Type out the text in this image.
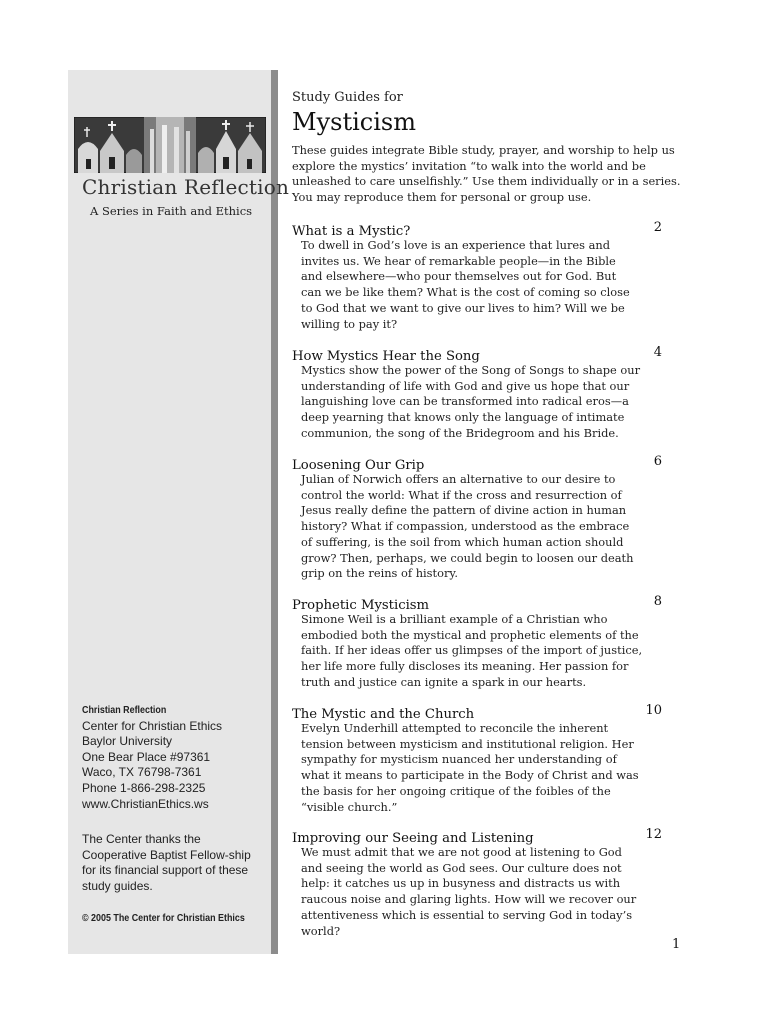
Christian Reflection
A Series in Faith and Ethics
Christian Reflection
Center for Christian Ethics
Baylor University
One Bear Place #97361
Waco, TX 76798-7361
Phone 1-866-298-2325
www.ChristianEthics.ws
The Center thanks the Cooperative Baptist Fellow-ship for its financial support of these study guides.
© 2005 The Center for Christian Ethics
Study Guides for
Mysticism
These guides integrate Bible study, prayer, and worship to help us explore the mystics’ invitation “to walk into the world and be unleashed to care unselfishly.” Use them individually or in a series. You may reproduce them for personal or group use.
What is a Mystic?	2
To dwell in God’s love is an experience that lures and
invites us. We hear of remarkable people—in the Bible
and elsewhere—who pour themselves out for God. But
can we be like them? What is the cost of coming so close
to God that we want to give our lives to him? Will we be
willing to pay it?
How Mystics Hear the Song	4
Mystics show the power of the Song of Songs to shape our
understanding of life with God and give us hope that our
languishing love can be transformed into radical eros—a
deep yearning that knows only the language of intimate
communion, the song of the Bridegroom and his Bride.
Loosening Our Grip	6
Julian of Norwich offers an alternative to our desire to
control the world: What if the cross and resurrection of
Jesus really define the pattern of divine action in human
history? What if compassion, understood as the embrace
of suffering, is the soil from which human action should
grow? Then, perhaps, we could begin to loosen our death
grip on the reins of history.
Prophetic Mysticism	8
Simone Weil is a brilliant example of a Christian who
embodied both the mystical and prophetic elements of the
faith. If her ideas offer us glimpses of the import of justice,
her life more fully discloses its meaning. Her passion for
truth and justice can ignite a spark in our hearts.
The Mystic and the Church	10
Evelyn Underhill attempted to reconcile the inherent
tension between mysticism and institutional religion. Her
sympathy for mysticism nuanced her understanding of
what it means to participate in the Body of Christ and was
the basis for her ongoing critique of the foibles of the
“visible church.”
Improving our Seeing and Listening	12
We must admit that we are not good at listening to God
and seeing the world as God sees. Our culture does not
help: it catches us up in busyness and distracts us with
raucous noise and glaring lights. How will we recover our
attentiveness which is essential to serving God in today’s
world?
1
